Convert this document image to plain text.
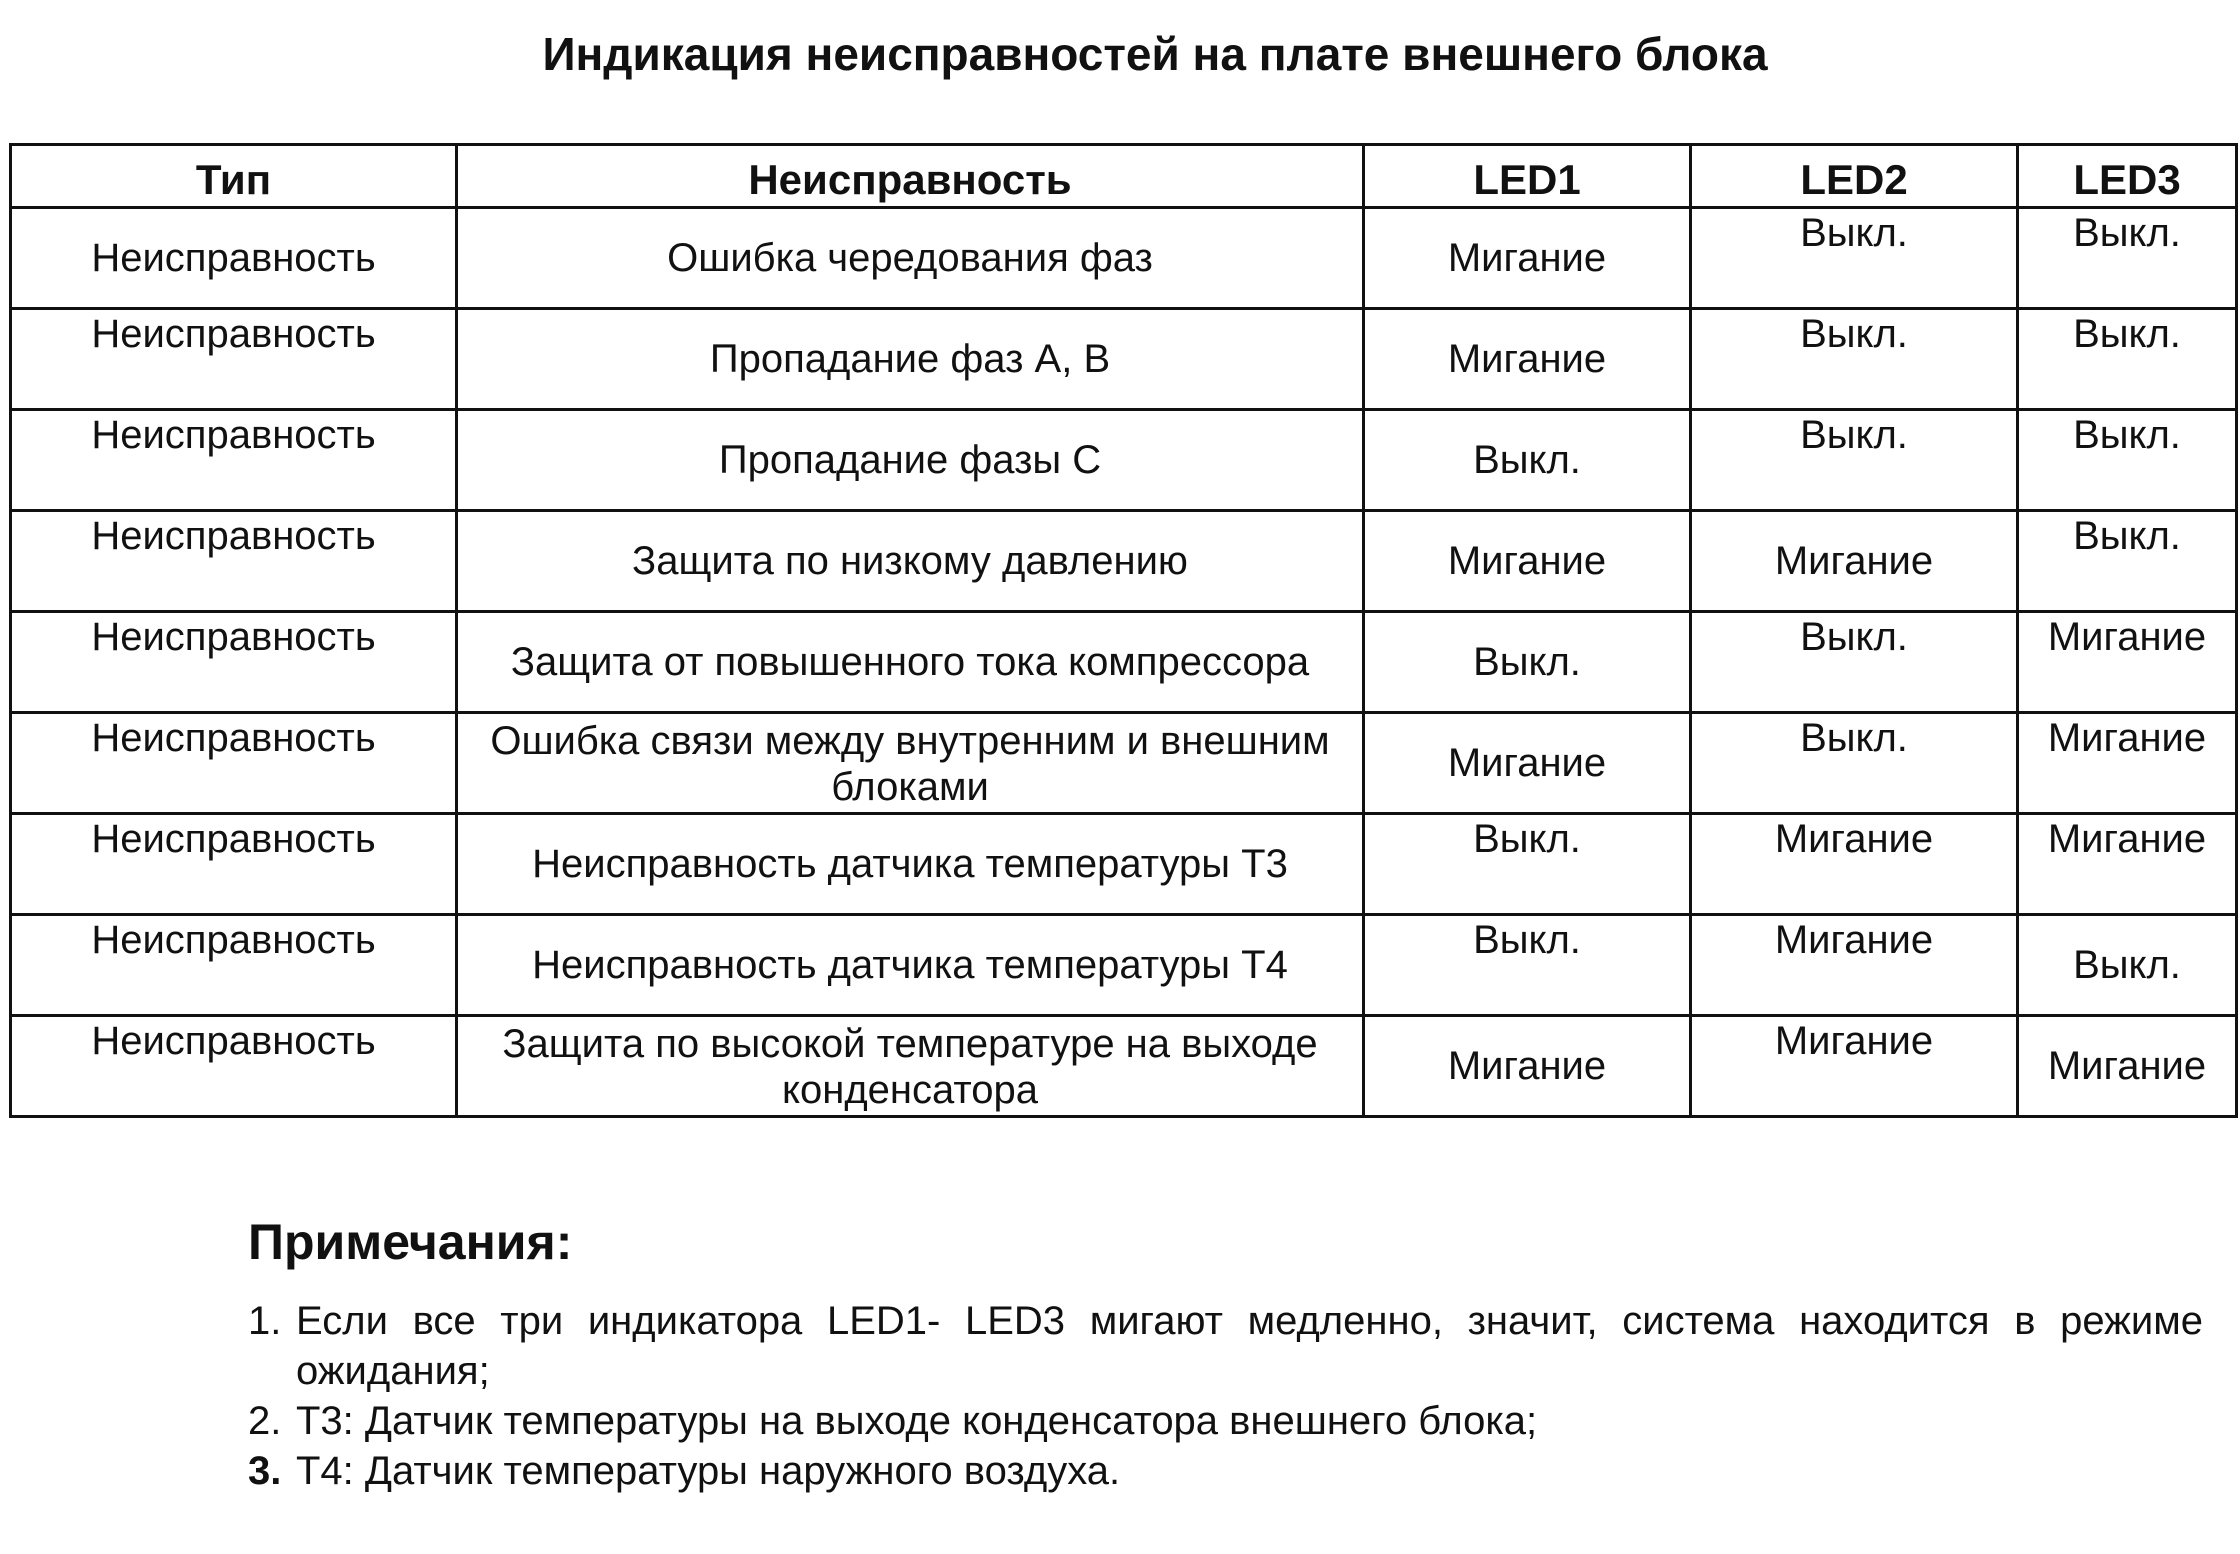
Индикация неисправностей на плате внешнего блока
Тип	Неисправность	LED1	LED2	LED3
Неисправность	Ошибка чередования фаз	Мигание	Выкл.	Выкл.
Неисправность	Пропадание фаз А, В	Мигание	Выкл.	Выкл.
Неисправность	Пропадание фазы С	Выкл.	Выкл.	Выкл.
Неисправность	Защита по низкому давлению	Мигание	Мигание	Выкл.
Неисправность	Защита от повышенного тока компрессора	Выкл.	Выкл.	Мигание
Неисправность	Ошибка связи между внутренним и внешним блоками	Мигание	Выкл.	Мигание
Неисправность	Неисправность датчика температуры Т3	Выкл.	Мигание	Мигание
Неисправность	Неисправность датчика температуры Т4	Выкл.	Мигание	Выкл.
Неисправность	Защита по высокой температуре на выходе конденсатора	Мигание	Мигание	Мигание
Примечания:
1. Если все три индикатора LED1- LED3 мигают медленно, значит, система находится в режиме ожидания;
2. Т3: Датчик температуры на выходе конденсатора внешнего блока;
3. Т4: Датчик температуры наружного воздуха.
